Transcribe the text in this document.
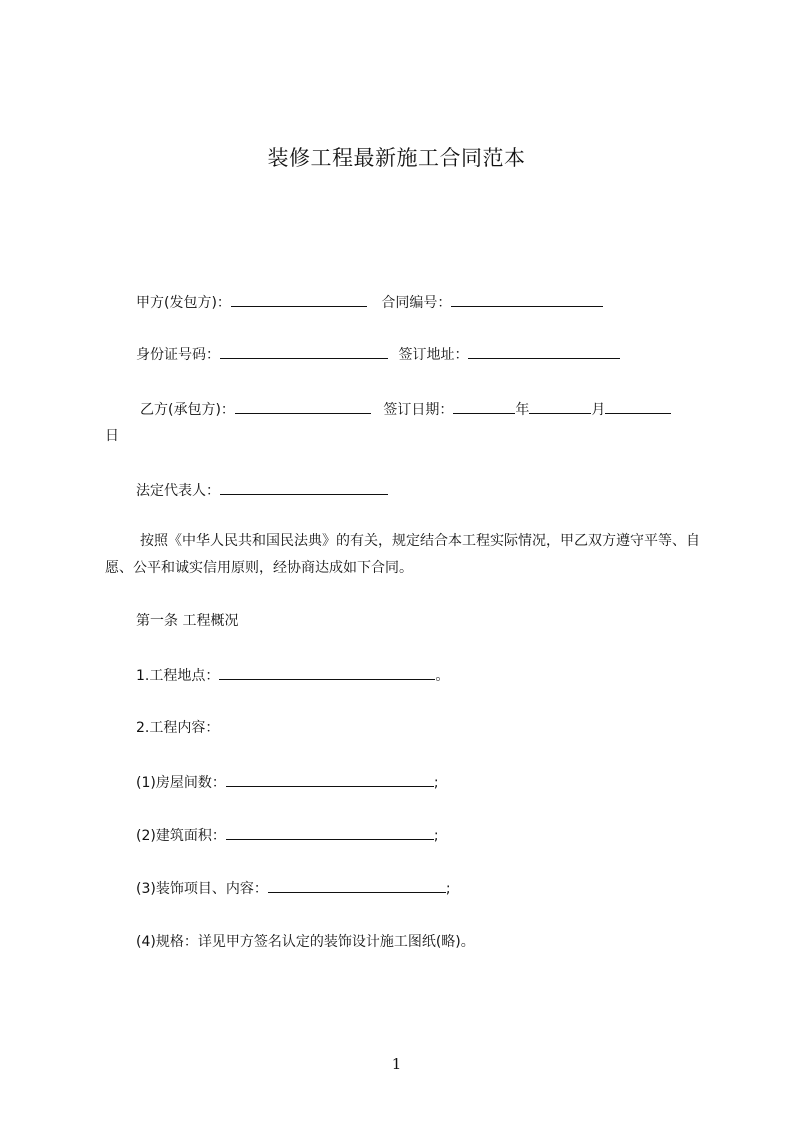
装修工程最新施工合同范本
甲方(发包方)：	合同编号：
身份证号码：	签订地址：
乙方(承包方)：	签订日期：	年	月
日
法定代表人：
按照《中华人民共和国民法典》的有关，规定结合本工程实际情况，甲乙双方遵守平等、自愿、公平和诚实信用原则，经协商达成如下合同。
第一条 工程概况
1.工程地点：	。
2.工程内容：
(1)房屋间数：	;
(2)建筑面积：	;
(3)装饰项目、内容：	;
(4)规格：详见甲方签名认定的装饰设计施工图纸(略)。
1
